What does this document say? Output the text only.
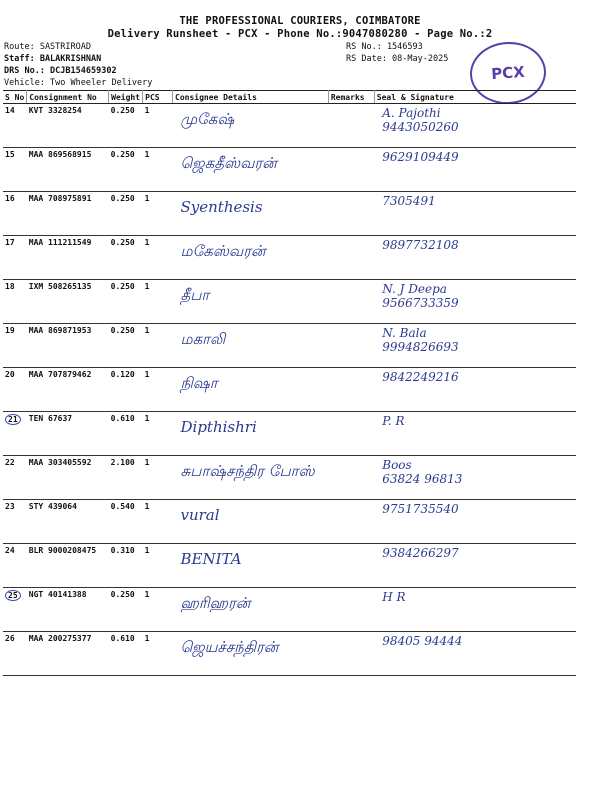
THE PROFESSIONAL COURIERS, COIMBATORE
Delivery Runsheet - PCX - Phone No.:9047080280 - Page No.:2
Route: SASTRIROAD
Staff: BALAKRISHNAN
DRS No.: DCJB154659302
Vehicle: Two Wheeler Delivery
RS No.: 1546593
RS Date: 08-May-2025
PCX
S No	Consignment No	Weight	PCS	Consignee Details	Remarks	Seal & Signature
14	KVT 3328254	0.250	1	முகேஷ்		A. Pajothi
9443050260

15	MAA 869568915	0.250	1	ஜெகதீஸ்வரன்		9629109449

16	MAA 708975891	0.250	1	Syenthesis		7305491

17	MAA 111211549	0.250	1	மகேஸ்வரன்		9897732108

18	IXM 508265135	0.250	1	தீபா		N. J Deepa
9566733359

19	MAA 869871953	0.250	1	மகாலி		N. Bala
9994826693

20	MAA 707879462	0.120	1	நிஷா		9842249216

21	TEN 67637	0.610	1	Dipthishri		P. R

22	MAA 303405592	2.100	1	சுபாஷ்சந்திர போஸ்		Boos
63824 96813

23	STY 439064	0.540	1	vural		9751735540

24	BLR 9000208475	0.310	1	BENITA		9384266297

25	NGT 40141388	0.250	1	ஹரிஹரன்		H R

26	MAA 200275377	0.610	1	ஜெயச்சந்திரன்		98405 94444
